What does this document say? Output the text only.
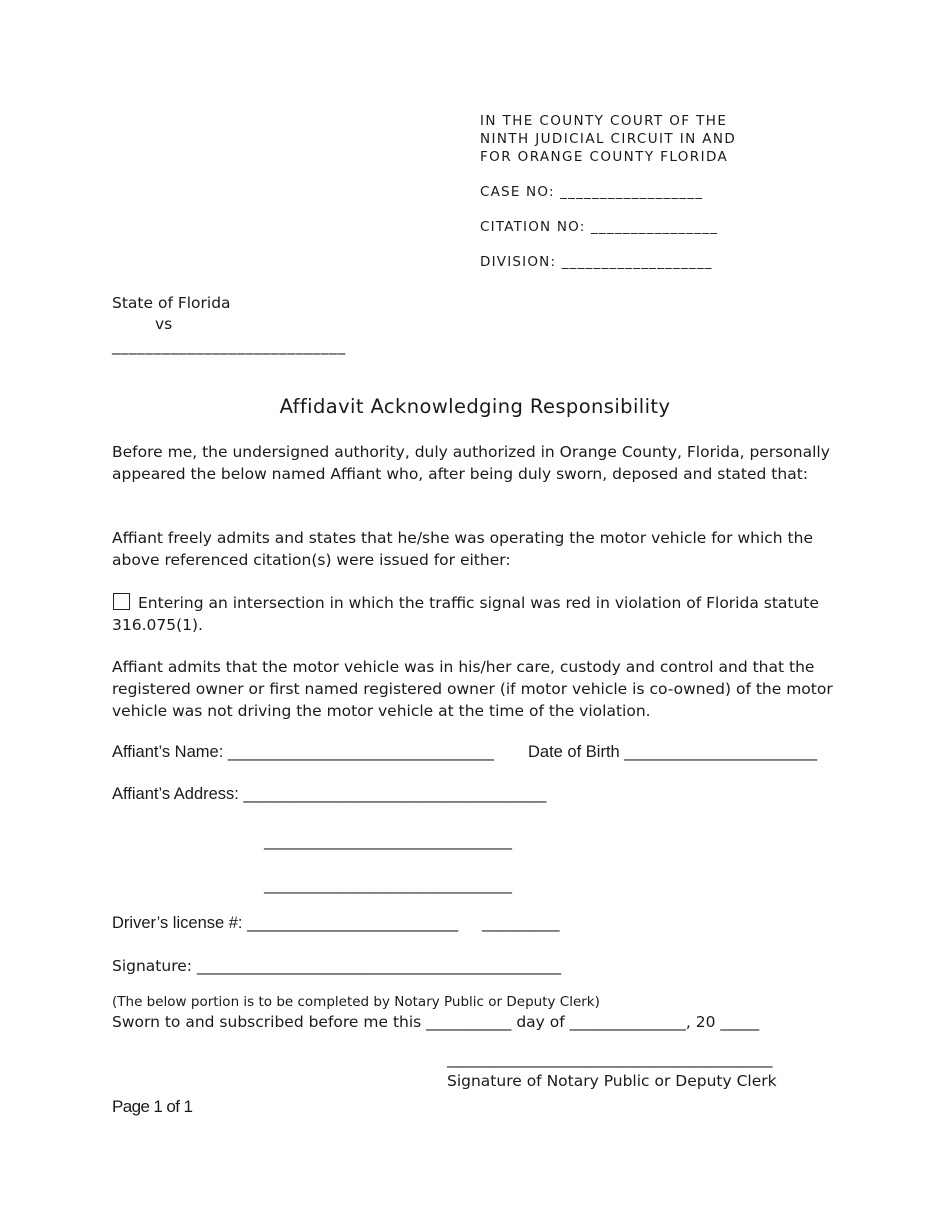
IN THE COUNTY COURT OF THE
NINTH JUDICIAL CIRCUIT IN AND
FOR ORANGE COUNTY FLORIDA
CASE NO: __________________
CITATION NO: ________________
DIVISION: ___________________
State of Florida
vs
____________________________
Affidavit Acknowledging Responsibility
Before me, the undersigned authority, duly authorized in Orange County, Florida, personally appeared the below named Affiant who, after being duly sworn, deposed and stated that:
Affiant freely admits and states that he/she was operating the motor vehicle for which the above referenced citation(s) were issued for either:
Entering an intersection in which the traffic signal was red in violation of Florida statute 316.075(1).
Affiant admits that the motor vehicle was in his/her care, custody and control and that the registered owner or first named registered owner (if motor vehicle is co-owned) of the motor vehicle was not driving the motor vehicle at the time of the violation.
Affiant’s Name: _____________________________ Date of Birth _____________________
Affiant’s Address: _________________________________
________________________________
________________________________
Driver’s license #: _______________________ __________
Signature: _______________________________________________
(The below portion is to be completed by Notary Public or Deputy Clerk)
Sworn to and subscribed before me this ___________ day of _______________, 20 _____
__________________________________________
Signature of Notary Public or Deputy Clerk
Page 1 of 1
